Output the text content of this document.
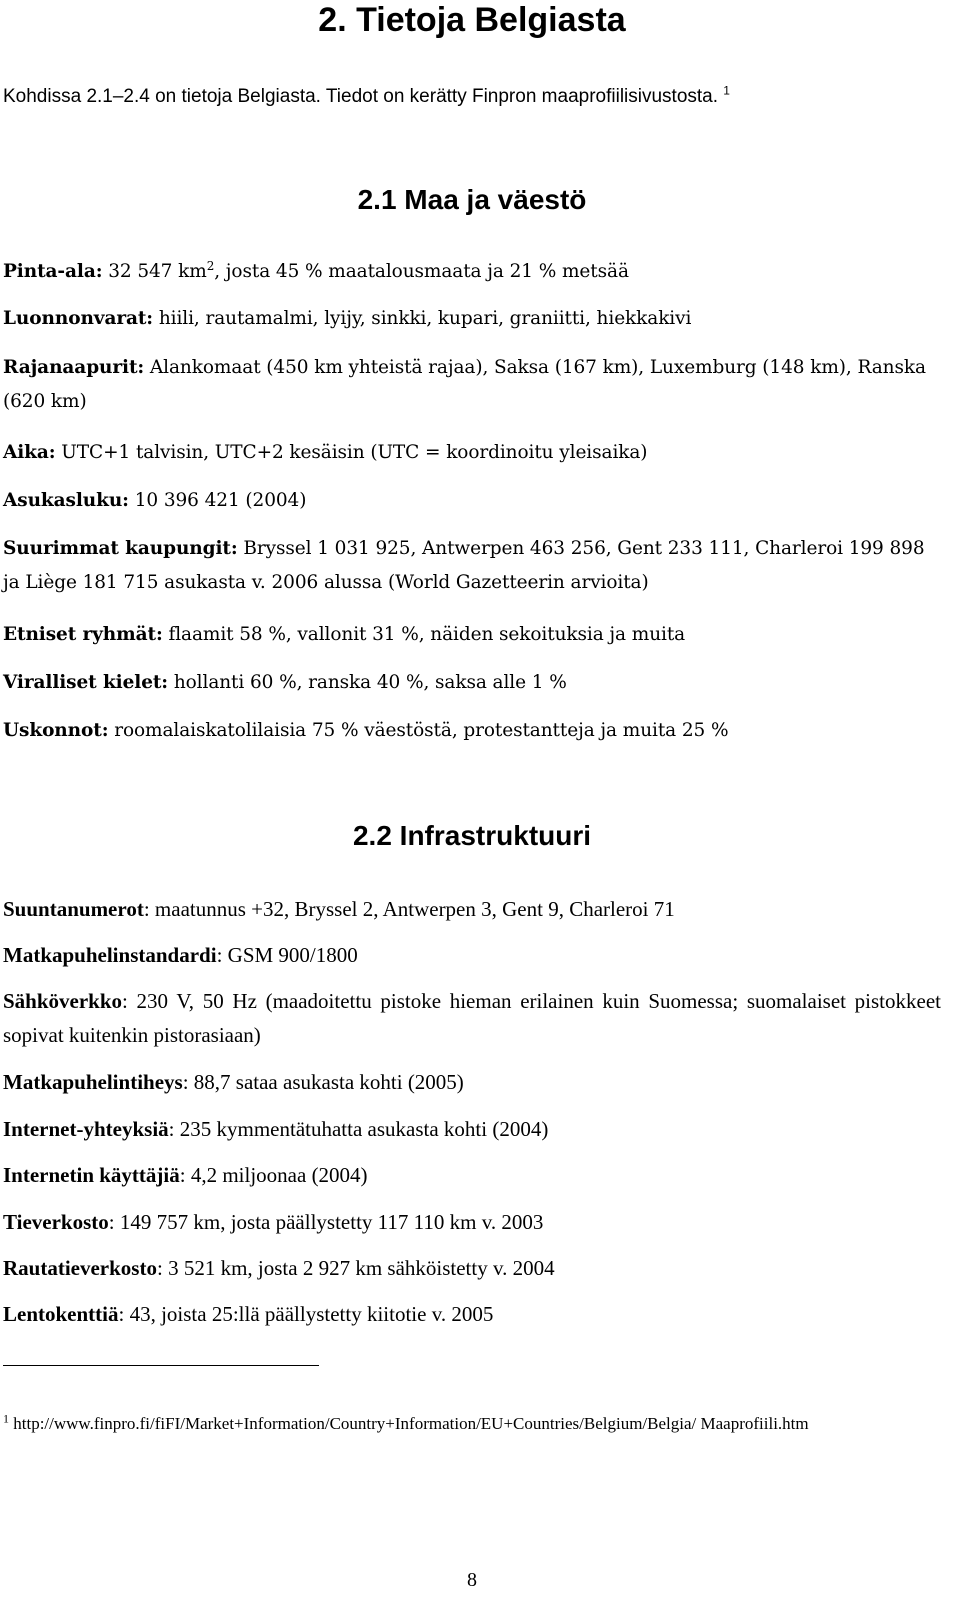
2. Tietoja Belgiasta
Kohdissa 2.1–2.4 on tietoja Belgiasta. Tiedot on kerätty Finpron maaprofiilisivustosta. $^1$
2.1 Maa ja väestö
Pinta-ala: 32 547 $km^2$, josta 45 % maatalousmaata ja 21 % metsää
Luonnonvarat: hiili, rautamalmi, lyijy, sinkki, kupari, graniitti, hiekkakivi
Rajanaapurit: Alankomaat (450 km yhteistä rajaa), Saksa (167 km), Luxemburg (148 km), Ranska (620 km)
Aika: UTC+1 talvisin, UTC+2 kesäisin (UTC = koordinoitu yleisaika)
Asukasluku: 10 396 421 (2004)
Suurimmat kaupungit: Bryssel 1 031 925, Antwerpen 463 256, Gent 233 111, Charleroi 199 898 ja Liège 181 715 asukasta v. 2006 alussa (World Gazetteerin arvioita)
Etniset ryhmät: flaamit 58 %, vallonit 31 %, näiden sekoituksia ja muita
Viralliset kielet: hollanti 60 %, ranska 40 %, saksa alle 1 %
Uskonnot: roomalaiskatolilaisia 75 % väestöstä, protestantteja ja muita 25 %
2.2 Infrastruktuuri
Suuntanumerot: maatunnus +32, Bryssel 2, Antwerpen 3, Gent 9, Charleroi 71
Matkapuhelinstandardi: GSM 900/1800
Sähköverkko: 230 V, 50 Hz (maadoitettu pistoke hieman erilainen kuin Suomessa; suomalaiset pistokkeet sopivat kuitenkin pistorasiaan)
Matkapuhelintiheys: 88,7 sataa asukasta kohti (2005)
Internet-yhteyksiä: 235 kymmentätuhatta asukasta kohti (2004)
Internetin käyttäjiä: 4,2 miljoonaa (2004)
Tieverkosto: 149 757 km, josta päällystetty 117 110 km v. 2003
Rautatieverkosto: 3 521 km, josta 2 927 km sähköistetty v. 2004
Lentokenttiä: 43, joista 25:llä päällystetty kiitotie v. 2005
$^1$ http://www.finpro.fi/fiFI/Market+Information/Country+Information/EU+Countries/Belgium/Belgia/ Maaprofiili.htm
8
